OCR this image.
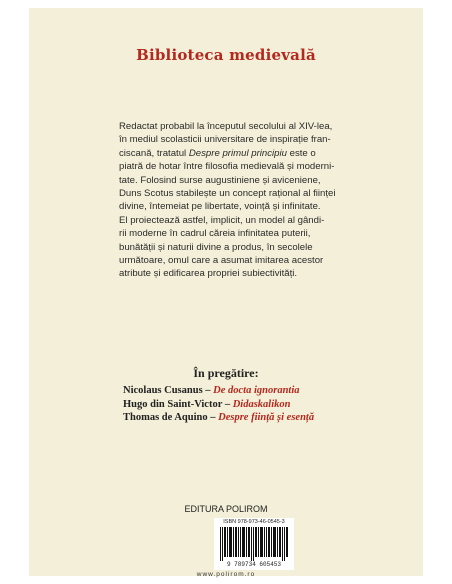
Biblioteca medievală
Redactat probabil la începutul secolului al XIV-lea,
în mediul scolasticii universitare de inspirație fran-
ciscană, tratatul Despre primul principiu este o
piatră de hotar între filosofia medievală și moderni-
tate. Folosind surse augustiniene și aviceniene,
Duns Scotus stabilește un concept rațional al ființei
divine, întemeiat pe libertate, voință și infinitate.
El proiectează astfel, implicit, un model al gândi-
rii moderne în cadrul căreia infinitatea puterii,
bunătății și naturii divine a produs, în secolele
următoare, omul care a asumat imitarea acestor
atribute și edificarea propriei subiectivități.
În pregătire:
Nicolaus Cusanus – De docta ignorantia
Hugo din Saint-Victor – Didaskalikon
Thomas de Aquino – Despre ființă și esență
EDITURA POLIROM
ISBN 978-973-46-0545-3
9 789734 605453
www.polirom.ro
